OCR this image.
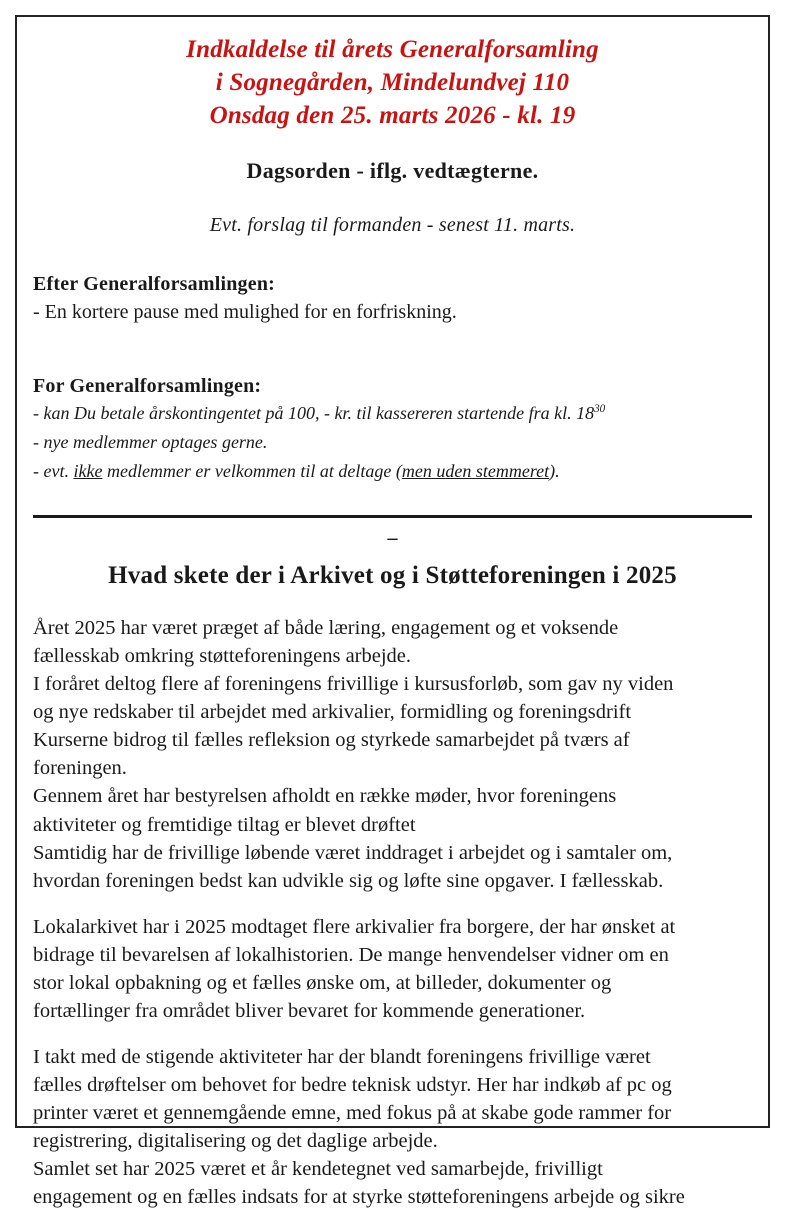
Indkaldelse til årets Generalforsamling
i Sognegården, Mindelundvej 110
Onsdag den 25. marts 2026 - kl. 19
Dagsorden - iflg. vedtægterne.
Evt. forslag til formanden - senest 11. marts.
Efter Generalforsamlingen:
- En kortere pause med mulighed for en forfriskning.
For Generalforsamlingen:
- kan Du betale årskontingentet på 100, - kr. til kassereren startende fra kl. $18^{30}$
- nye medlemmer optages gerne.
- evt. ikke medlemmer er velkommen til at deltage (men uden stemmeret).
–
Hvad skete der i Arkivet og i Støtteforeningen i 2025

Året 2025 har været præget af både læring, engagement og et voksende
fællesskab omkring støtteforeningens arbejde.
I foråret deltog flere af foreningens frivillige i kursusforløb, som gav ny viden
og nye redskaber til arbejdet med arkivalier, formidling og foreningsdrift
Kurserne bidrog til fælles refleksion og styrkede samarbejdet på tværs af
foreningen.
Gennem året har bestyrelsen afholdt en række møder, hvor foreningens
aktiviteter og fremtidige tiltag er blevet drøftet
Samtidig har de frivillige løbende været inddraget i arbejdet og i samtaler om,
hvordan foreningen bedst kan udvikle sig og løfte sine opgaver. I fællesskab.

Lokalarkivet har i 2025 modtaget flere arkivalier fra borgere, der har ønsket at
bidrage til bevarelsen af lokalhistorien. De mange henvendelser vidner om en
stor lokal opbakning og et fælles ønske om, at billeder, dokumenter og
fortællinger fra området bliver bevaret for kommende generationer.

I takt med de stigende aktiviteter har der blandt foreningens frivillige været
fælles drøftelser om behovet for bedre teknisk udstyr. Her har indkøb af pc og
printer været et gennemgående emne, med fokus på at skabe gode rammer for
registrering, digitalisering og det daglige arbejde.
Samlet set har 2025 været et år kendetegnet ved samarbejde, frivilligt
engagement og en fælles indsats for at styrke støtteforeningens arbejde og sikre
